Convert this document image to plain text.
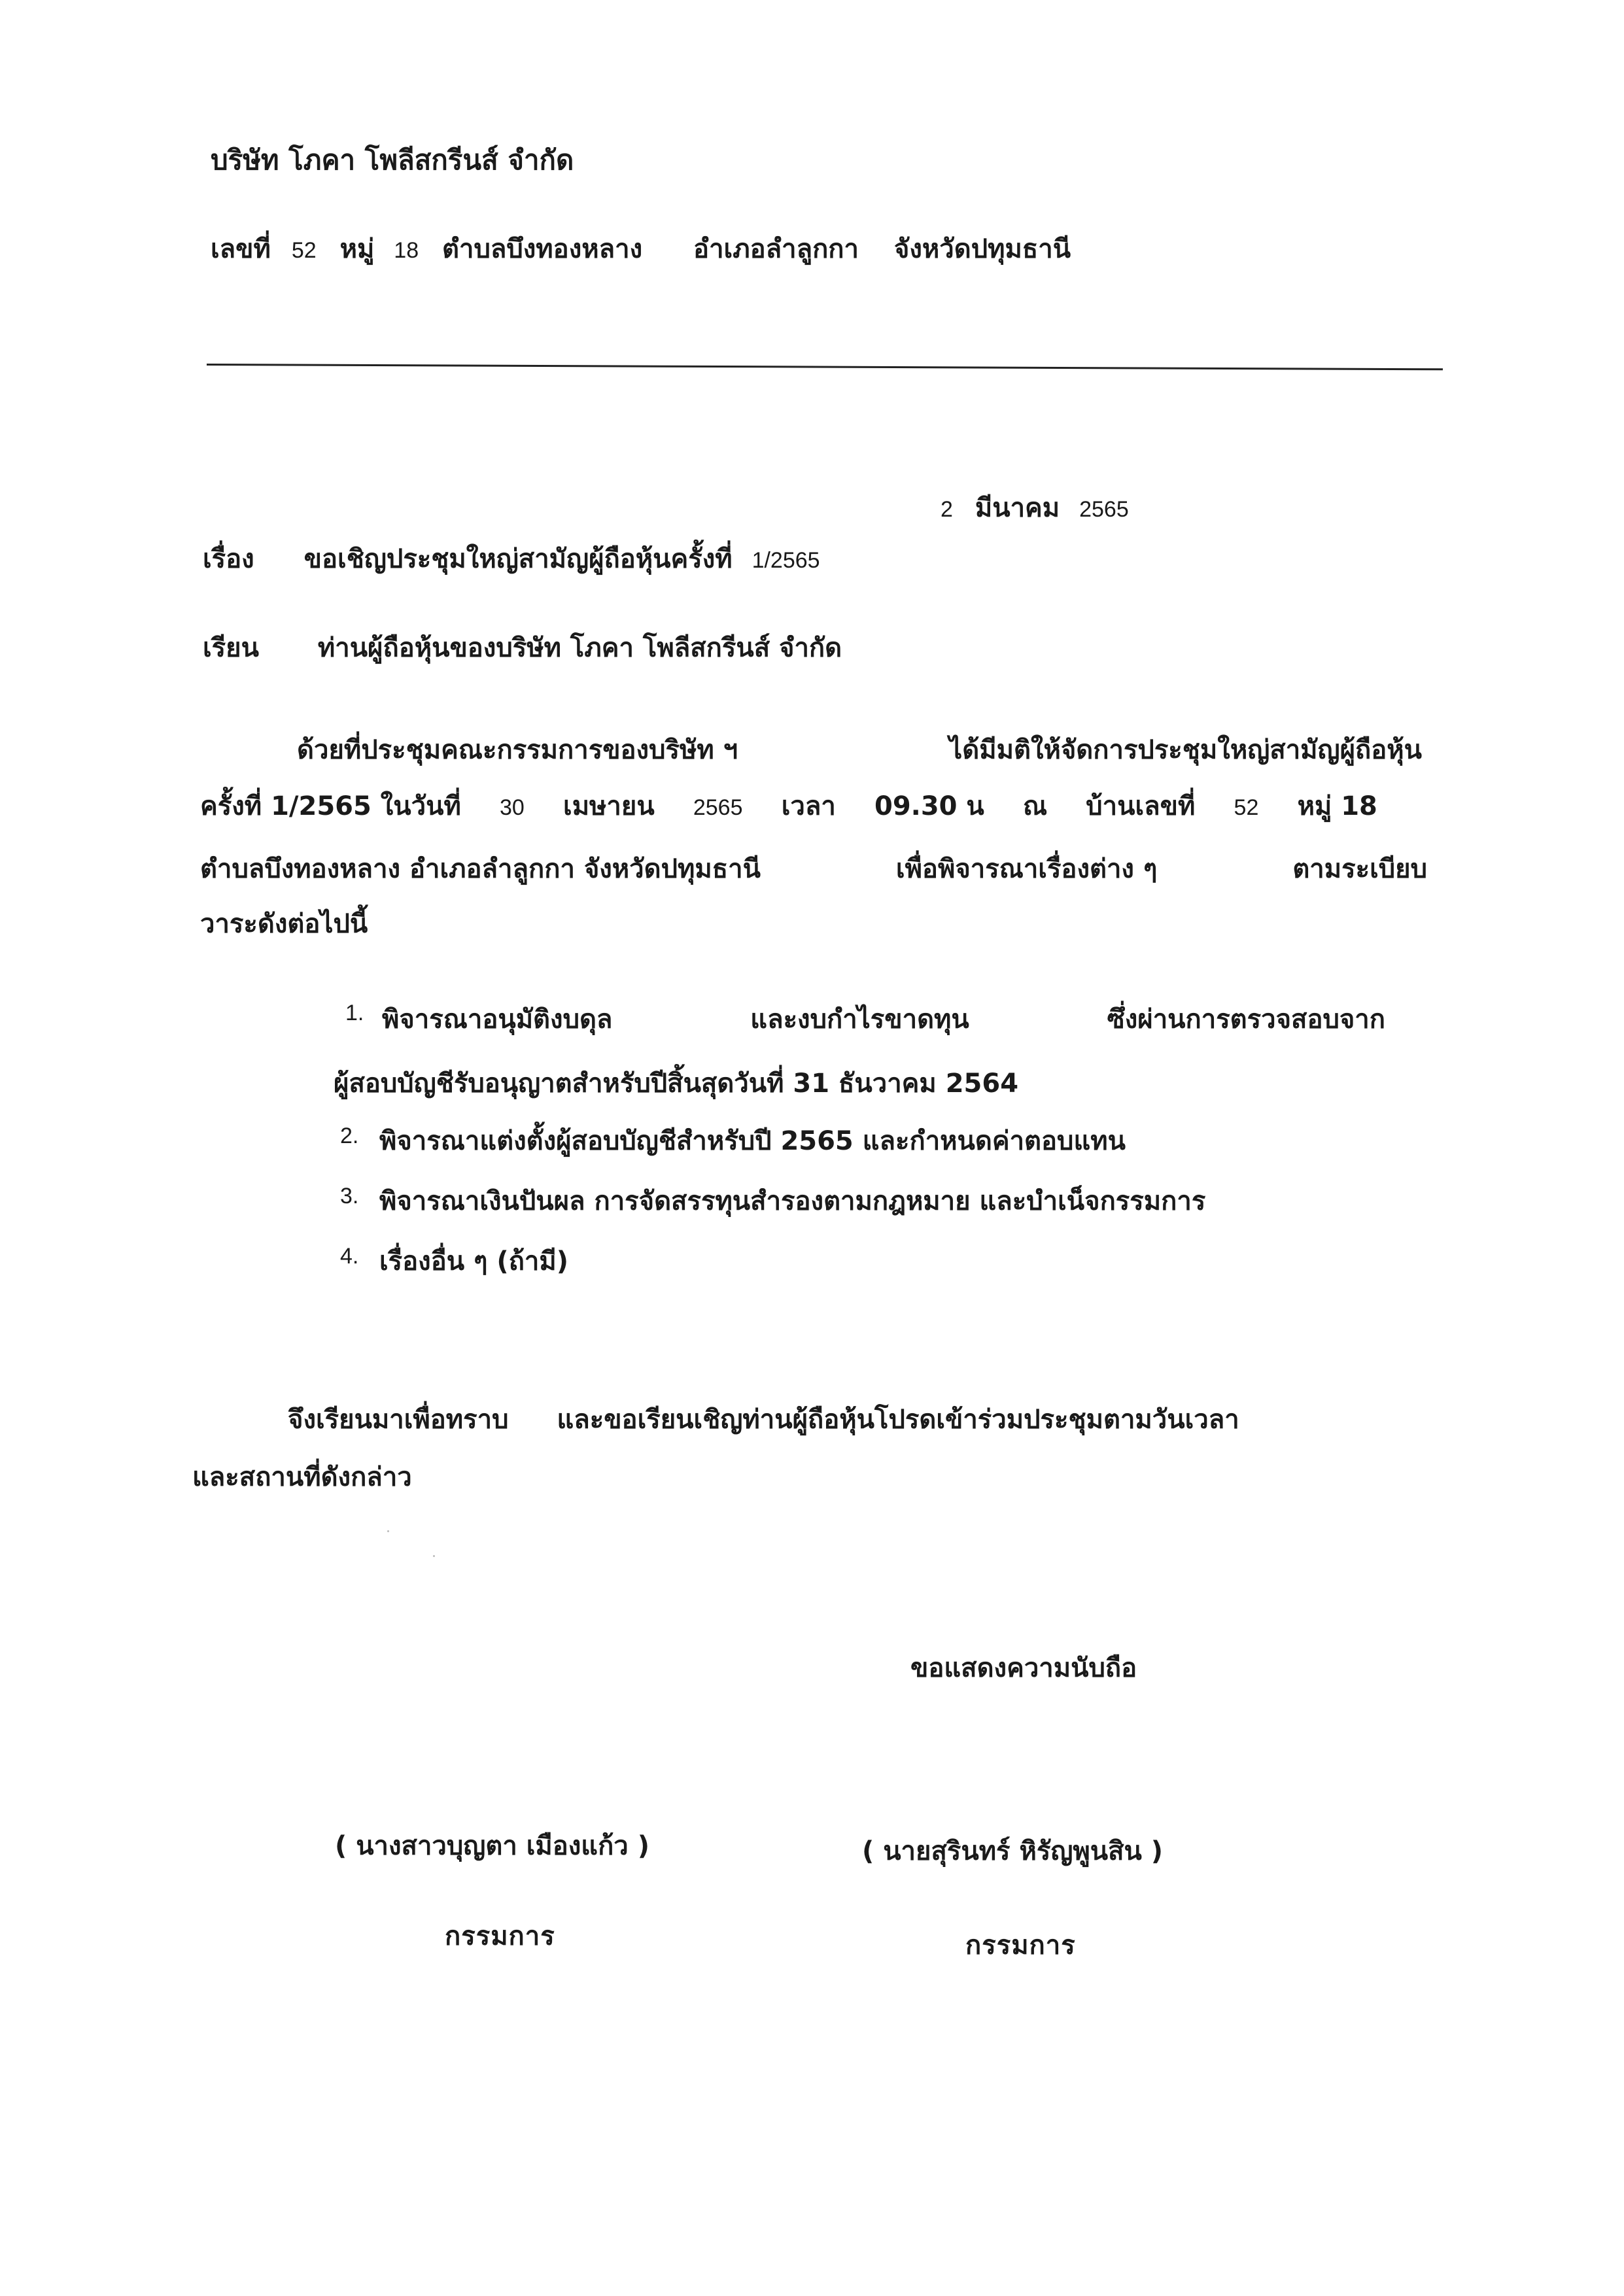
บริษัท โภคา โพลีสกรีนส์ จำกัด
เลขที่ 52 หมู่ 18 ตำบลบึงทองหลาง อำเภอลำลูกกา จังหวัดปทุมธานี
2 มีนาคม 2565
เรื่อง ขอเชิญประชุมใหญ่สามัญผู้ถือหุ้นครั้งที่ 1/2565
เรียน ท่านผู้ถือหุ้นของบริษัท โภคา โพลีสกรีนส์ จำกัด
ด้วยที่ประชุมคณะกรรมการของบริษัท ฯ	ได้มีมติให้จัดการประชุมใหญ่สามัญผู้ถือหุ้น
ครั้งที่ 1/2565 ในวันที่ 30 เมษายน 2565 เวลา 09.30 น ณ บ้านเลขที่ 52 หมู่ 18
ตำบลบึงทองหลาง อำเภอลำลูกกา จังหวัดปทุมธานี	เพื่อพิจารณาเรื่องต่าง ๆ	ตามระเบียบ
วาระดังต่อไปนี้
1. พิจารณาอนุมัติงบดุล	และงบกำไรขาดทุน	ซึ่งผ่านการตรวจสอบจาก
ผู้สอบบัญชีรับอนุญาตสำหรับปีสิ้นสุดวันที่ 31 ธันวาคม 2564
2. พิจารณาแต่งตั้งผู้สอบบัญชีสำหรับปี 2565 และกำหนดค่าตอบแทน
3. พิจารณาเงินปันผล การจัดสรรทุนสำรองตามกฎหมาย และบำเน็จกรรมการ
4. เรื่องอื่น ๆ (ถ้ามี)
จึงเรียนมาเพื่อทราบ และขอเรียนเชิญท่านผู้ถือหุ้นโปรดเข้าร่วมประชุมตามวันเวลา
และสถานที่ดังกล่าว
ขอแสดงความนับถือ
( นางสาวบุญตา เมืองแก้ว )	( นายสุรินทร์ หิรัญพูนสิน )
กรรมการ	กรรมการ
